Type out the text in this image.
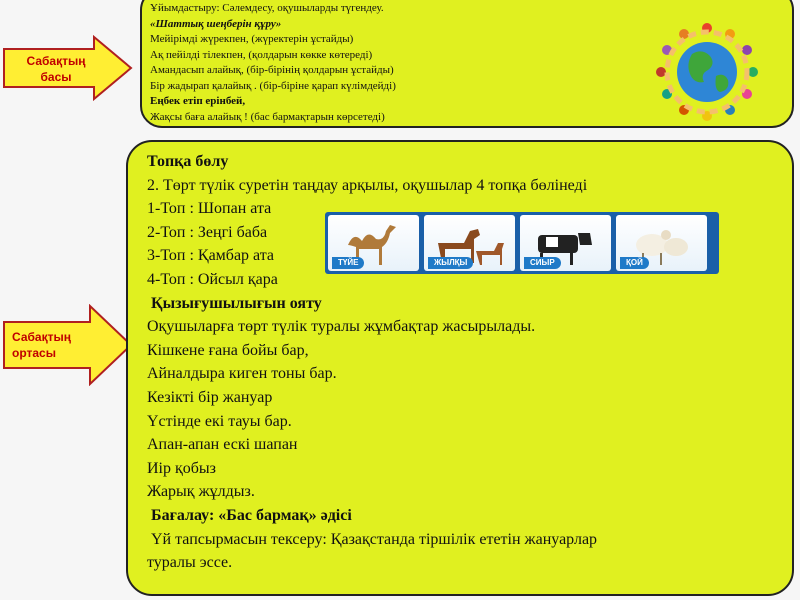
Сабақтың басы
Сабақтың ортасы
Ұйымдастыру: Сәлемдесу, оқушыларды түгендеу.
«Шаттық шеңберін құру»
Мейірімді жүрекпен, (жүректерін ұстайды)
Ақ пейілді тілекпен, (қолдарын көкке көтереді)
Амандасып алайық, (бір-бірінің қолдарын ұстайды)
Бір жадырап қалайық . (бір-біріне қарап күлімдейді)
Еңбек етіп ерінбей,
Жақсы баға алайық ! (бас бармақтарын көрсетеді)
Топқа бөлу
2. Төрт түлік суретін таңдау арқылы, оқушылар 4 топқа бөлінеді
1-Топ : Шопан ата
2-Топ : Зеңгі баба
3-Топ : Қамбар ата
4-Топ : Ойсыл қара
Қызығушылығын ояту
Оқушыларға төрт түлік туралы жұмбақтар жасырылады.
Кішкене ғана бойы бар,
Айналдыра киген тоны бар.
Кезікті бір жануар
Үстінде екі тауы бар.
Апан-апан ескі шапан
Иір қобыз
Жарық жұлдыз.
Бағалау: «Бас бармақ» әдісі
Үй тапсырмасын тексеру: Қазақстанда тіршілік ететін жануарлар
туралы эссе.
ТҮЙЕ	ЖЫЛҚЫ	СИЫР	ҚОЙ
